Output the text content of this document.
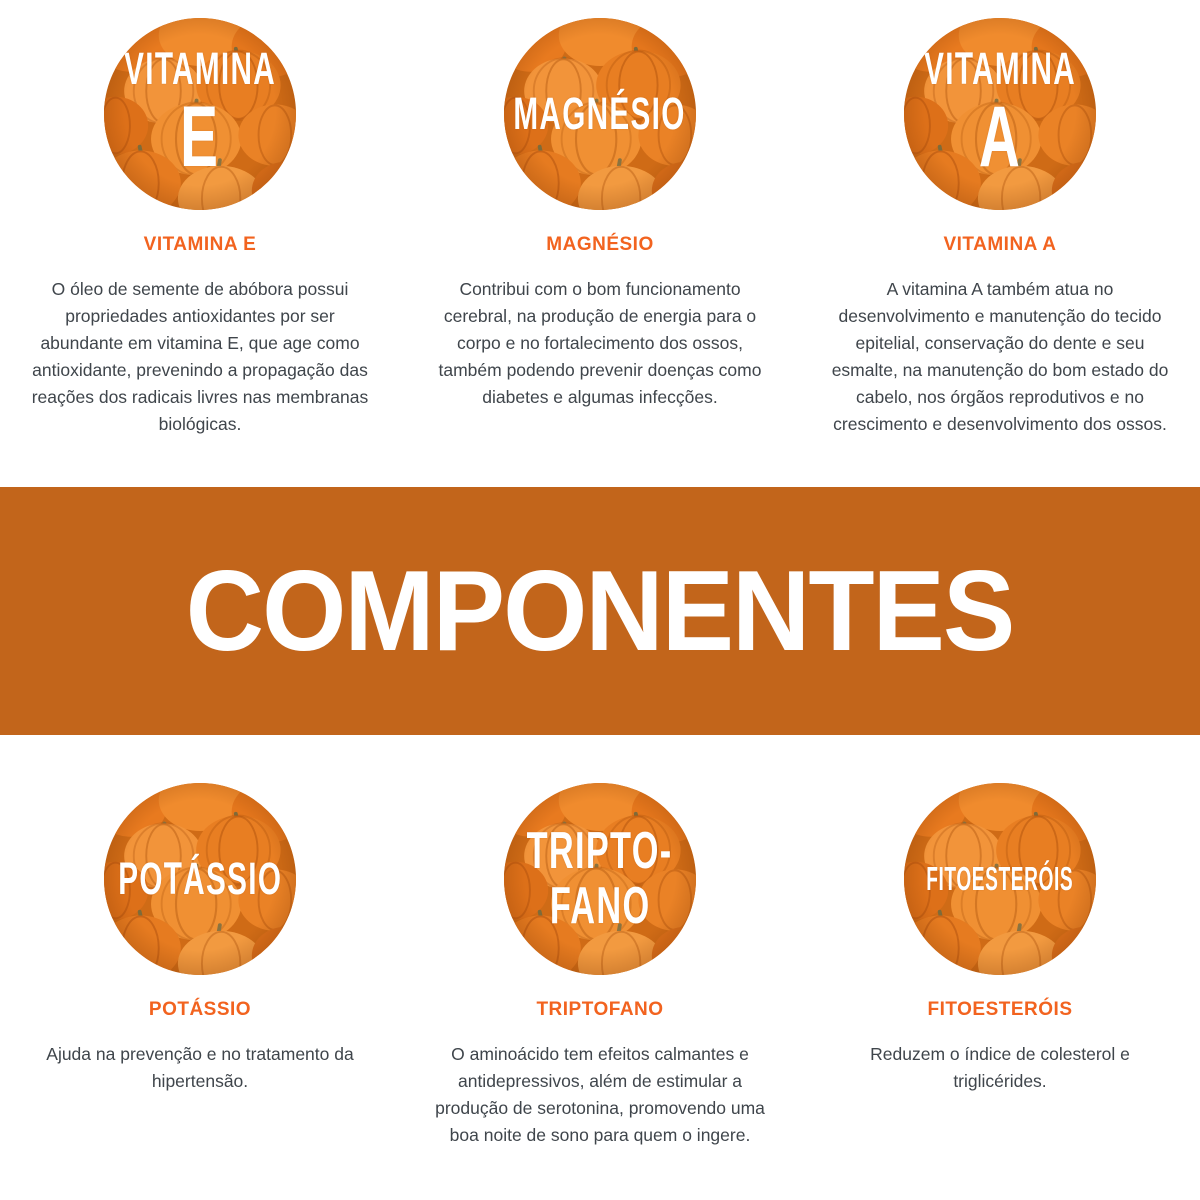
VITAMINA
E
VITAMINA E

O óleo de semente de abóbora possui propriedades antioxidantes por ser abundante em vitamina E, que age como antioxidante, prevenindo a propagação das reações dos radicais livres nas membranas biológicas.

MAGNÉSIO
MAGNÉSIO

Contribui com o bom funcionamento cerebral, na produção de energia para o corpo e no fortalecimento dos ossos, também podendo prevenir doenças como diabetes e algumas infecções.

VITAMINA
A
VITAMINA A

A vitamina A também atua no desenvolvimento e manutenção do tecido epitelial, conservação do dente e seu esmalte, na manutenção do bom estado do cabelo, nos órgãos reprodutivos e no crescimento e desenvolvimento dos ossos.

COMPONENTES
POTÁSSIO
POTÁSSIO

Ajuda na prevenção e no tratamento da hipertensão.

TRIPTO-
FANO
TRIPTOFANO

O aminoácido tem efeitos calmantes e antidepressivos, além de estimular a produção de serotonina, promovendo uma boa noite de sono para quem o ingere.

FITOESTERÓIS
FITOESTERÓIS

Reduzem o índice de colesterol e triglicérides.
